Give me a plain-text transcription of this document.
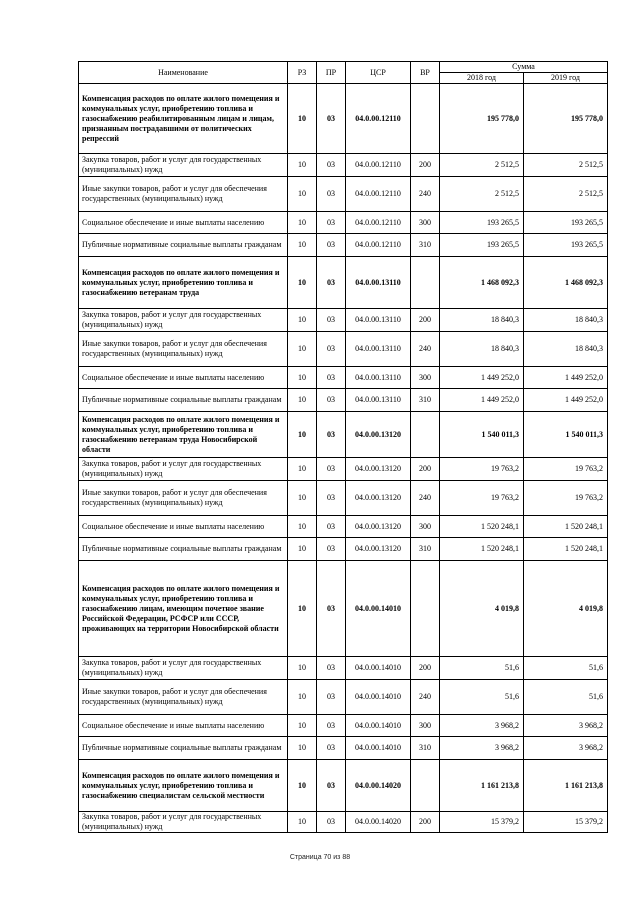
Наименование	РЗ	ПР	ЦСР	ВР	Сумма	
					2018 год	2019 год
Компенсация расходов по оплате жилого помещения и коммунальных услуг, приобретению топлива и газоснабжению реабилитированным лицам и лицам, признанным пострадавшими от политических репрессий	10	03	04.0.00.12110		195 778,0	195 778,0
Закупка товаров, работ и услуг для государственных (муниципальных) нужд	10	03	04.0.00.12110	200	2 512,5	2 512,5
Иные закупки товаров, работ и услуг для обеспечения государственных (муниципальных) нужд	10	03	04.0.00.12110	240	2 512,5	2 512,5
Социальное обеспечение и иные выплаты населению	10	03	04.0.00.12110	300	193 265,5	193 265,5
Публичные нормативные социальные выплаты гражданам	10	03	04.0.00.12110	310	193 265,5	193 265,5
Компенсация расходов по оплате жилого помещения и коммунальных услуг, приобретению топлива и газоснабжению ветеранам труда	10	03	04.0.00.13110		1 468 092,3	1 468 092,3
Закупка товаров, работ и услуг для государственных (муниципальных) нужд	10	03	04.0.00.13110	200	18 840,3	18 840,3
Иные закупки товаров, работ и услуг для обеспечения государственных (муниципальных) нужд	10	03	04.0.00.13110	240	18 840,3	18 840,3
Социальное обеспечение и иные выплаты населению	10	03	04.0.00.13110	300	1 449 252,0	1 449 252,0
Публичные нормативные социальные выплаты гражданам	10	03	04.0.00.13110	310	1 449 252,0	1 449 252,0
Компенсация расходов по оплате жилого помещения и коммунальных услуг, приобретению топлива и газоснабжению ветеранам труда Новосибирской области	10	03	04.0.00.13120		1 540 011,3	1 540 011,3
Закупка товаров, работ и услуг для государственных (муниципальных) нужд	10	03	04.0.00.13120	200	19 763,2	19 763,2
Иные закупки товаров, работ и услуг для обеспечения государственных (муниципальных) нужд	10	03	04.0.00.13120	240	19 763,2	19 763,2
Социальное обеспечение и иные выплаты населению	10	03	04.0.00.13120	300	1 520 248,1	1 520 248,1
Публичные нормативные социальные выплаты гражданам	10	03	04.0.00.13120	310	1 520 248,1	1 520 248,1
Компенсация расходов по оплате жилого помещения и коммунальных услуг, приобретению топлива и газоснабжению лицам, имеющим почетное звание Российской Федерации, РСФСР или СССР, проживающих на территории Новосибирской области	10	03	04.0.00.14010		4 019,8	4 019,8
Закупка товаров, работ и услуг для государственных (муниципальных) нужд	10	03	04.0.00.14010	200	51,6	51,6
Иные закупки товаров, работ и услуг для обеспечения государственных (муниципальных) нужд	10	03	04.0.00.14010	240	51,6	51,6
Социальное обеспечение и иные выплаты населению	10	03	04.0.00.14010	300	3 968,2	3 968,2
Публичные нормативные социальные выплаты гражданам	10	03	04.0.00.14010	310	3 968,2	3 968,2
Компенсация расходов по оплате жилого помещения и коммунальных услуг, приобретению топлива и газоснабжению специалистам сельской местности	10	03	04.0.00.14020		1 161 213,8	1 161 213,8
Закупка товаров, работ и услуг для государственных (муниципальных) нужд	10	03	04.0.00.14020	200	15 379,2	15 379,2
Страница 70 из 88
